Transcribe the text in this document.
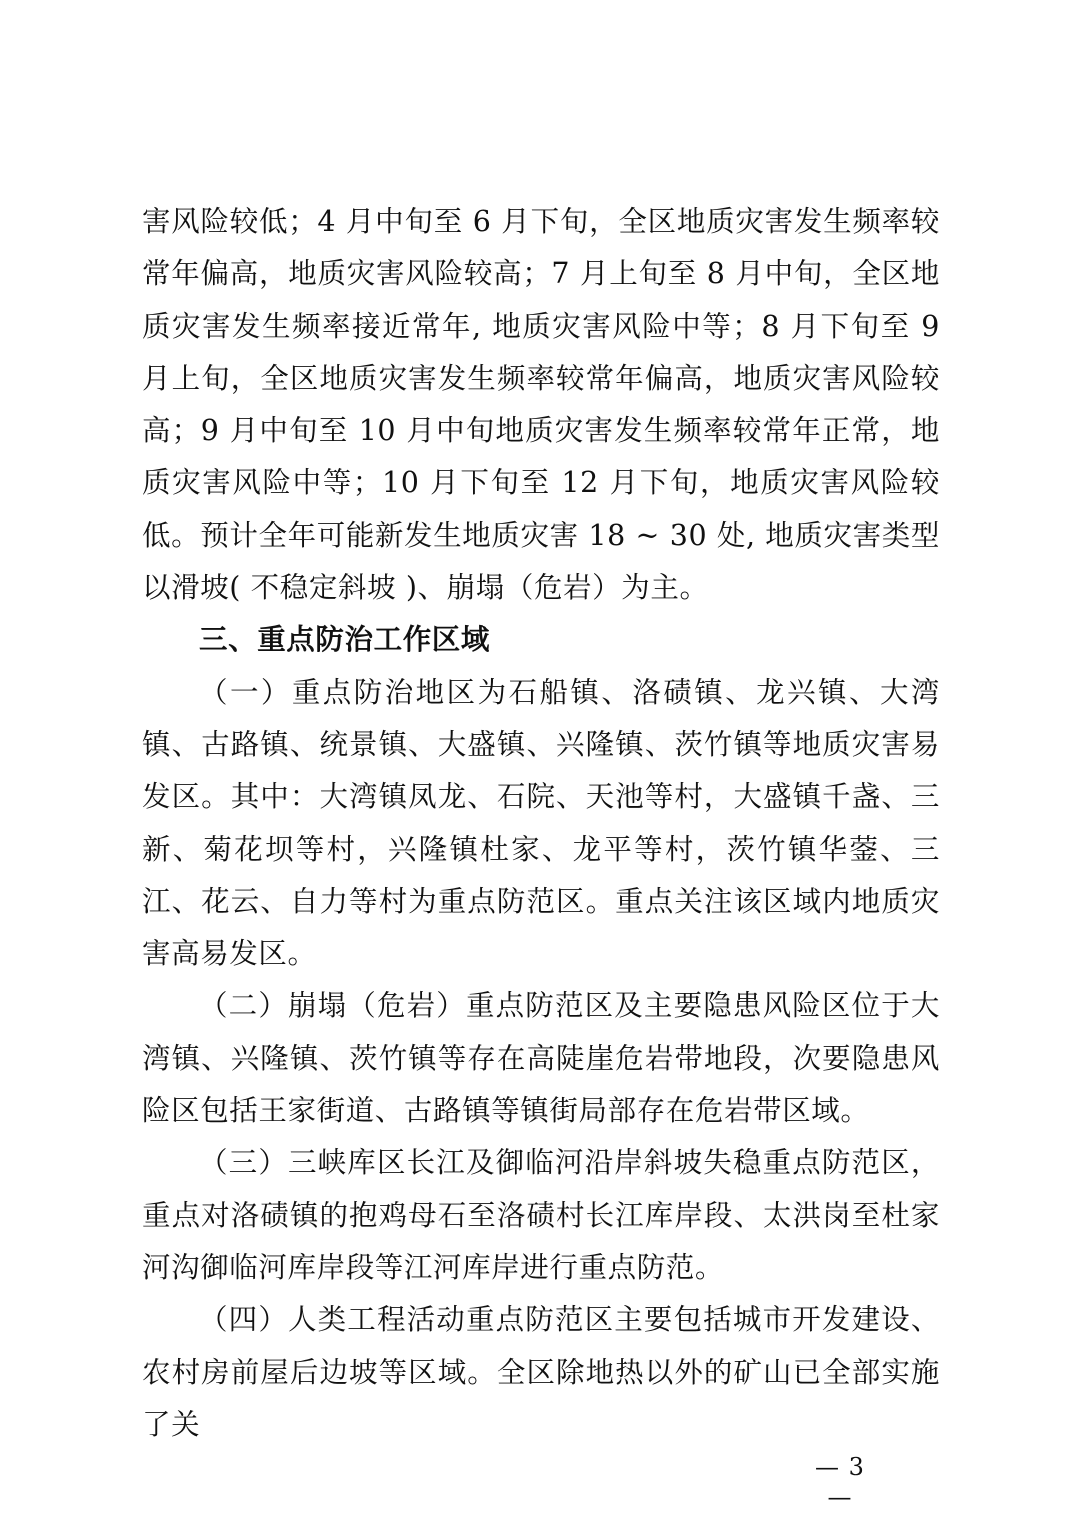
害风险较低；4 月中旬至 6 月下旬，全区地质灾害发生频率较常年偏高，地质灾害风险较高；7 月上旬至 8 月中旬，全区地质灾害发生频率接近常年, 地质灾害风险中等；8 月下旬至 9 月上旬，全区地质灾害发生频率较常年偏高，地质灾害风险较高；9 月中旬至 10 月中旬地质灾害发生频率较常年正常，地质灾害风险中等；10 月下旬至 12 月下旬，地质灾害风险较低。预计全年可能新发生地质灾害 18 ~ 30 处, 地质灾害类型以滑坡( 不稳定斜坡 )、崩塌（危岩）为主。

三、重点防治工作区域

（一）重点防治地区为石船镇、洛碛镇、龙兴镇、大湾镇、古路镇、统景镇、大盛镇、兴隆镇、茨竹镇等地质灾害易发区。其中：大湾镇凤龙、石院、天池等村，大盛镇千盏、三新、菊花坝等村，兴隆镇杜家、龙平等村，茨竹镇华蓥、三江、花云、自力等村为重点防范区。重点关注该区域内地质灾害高易发区。

（二）崩塌（危岩）重点防范区及主要隐患风险区位于大湾镇、兴隆镇、茨竹镇等存在高陡崖危岩带地段，次要隐患风险区包括王家街道、古路镇等镇街局部存在危岩带区域。

（三）三峡库区长江及御临河沿岸斜坡失稳重点防范区，重点对洛碛镇的抱鸡母石至洛碛村长江库岸段、太洪岗至杜家河沟御临河库岸段等江河库岸进行重点防范。

（四）人类工程活动重点防范区主要包括城市开发建设、农村房前屋后边坡等区域。全区除地热以外的矿山已全部实施了关

— 3 —
